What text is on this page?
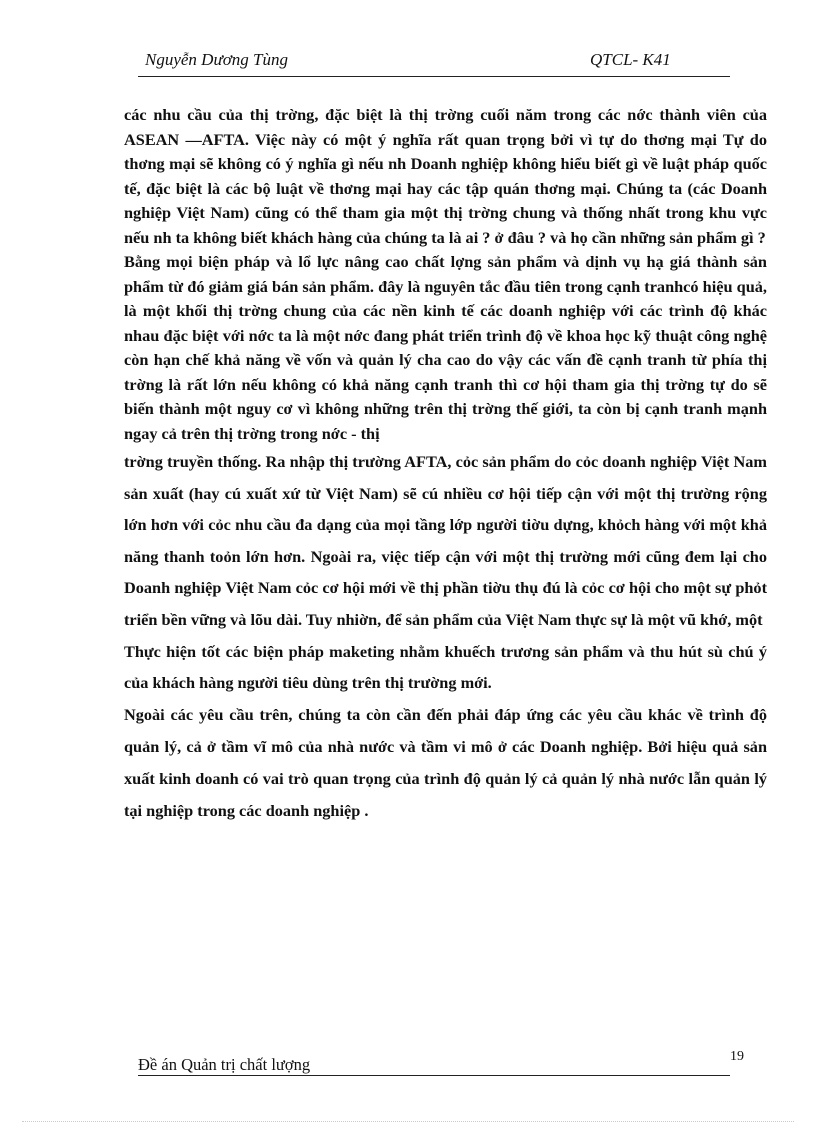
Nguyễn Dương Tùng	QTCL- K41

các nhu cầu của thị trờng, đặc biệt là thị trờng cuối năm trong các nớc thành viên của ASEAN —AFTA. Việc này có một ý nghĩa rất quan trọng bởi vì tự do thơng mại Tự do thơng mại sẽ không có ý nghĩa gì nếu nh Doanh nghiệp không hiểu biết gì về luật pháp quốc tế, đặc biệt là các bộ luật về thơng mại hay các tập quán thơng mại. Chúng ta (các Doanh nghiệp Việt Nam) cũng có thể tham gia một thị trờng chung và thống nhất trong khu vực nếu nh ta không biết khách hàng của chúng ta là ai ? ở đâu ? và họ cần những sản phẩm gì ?

Bằng mọi biện pháp và lổ lực nâng cao chất lợng sản phẩm và dịnh vụ hạ giá thành sản phẩm từ đó giảm giá bán sản phẩm. đây là nguyên tắc đầu tiên trong cạnh tranhcó hiệu quả, là một khối thị trờng chung của các nền kinh tế các doanh nghiệp với các trình độ khác nhau đặc biệt với nớc ta là một nớc đang phát triển trình độ về khoa học kỹ thuật công nghệ còn hạn chế khả năng về vốn và quản lý cha cao do vậy các vấn đề cạnh tranh từ phía thị trờng là rất lớn nếu không có khả năng cạnh tranh thì cơ hội tham gia thị trờng tự do sẽ biến thành một nguy cơ vì không những trên thị trờng thế giới, ta còn bị cạnh tranh mạnh ngay cả trên thị trờng trong nớc - thị

trờng truyền thống. Ra nhập thị trường AFTA, cỏc sản phẩm do cỏc doanh nghiệp Việt Nam sản xuất (hay cú xuất xứ từ Việt Nam) sẽ cú nhiều cơ hội tiếp cận với một thị trường rộng lớn hơn với cỏc nhu cầu đa dạng của mọi tầng lớp người tiờu dựng, khỏch hàng với một khả năng thanh toỏn lớn hơn. Ngoài ra, việc tiếp cận với một thị trường mới cũng đem lại cho Doanh nghiệp Việt Nam cỏc cơ hội mới về thị phần tiờu thụ đú là cỏc cơ hội cho một sự phỏt triển bền vững và lõu dài. Tuy nhiờn, để sản phẩm của Việt Nam thực sự là một vũ khớ, một

Thực hiện tốt các biện pháp maketing nhằm khuếch trương sản phẩm và thu hút sù chú ý của khách hàng người tiêu dùng trên thị trường mới.

Ngoài các yêu cầu trên, chúng ta còn cần đến phải đáp ứng các yêu cầu khác về trình độ quản lý, cả ở tầm vĩ mô của nhà nước và tầm vi mô ở các Doanh nghiệp. Bởi hiệu quả sản xuất kinh doanh có vai trò quan trọng của trình độ quản lý cả quản lý nhà nước lẫn quản lý tại nghiệp trong các doanh nghiệp .

Đề án Quản trị chất lượng	19
